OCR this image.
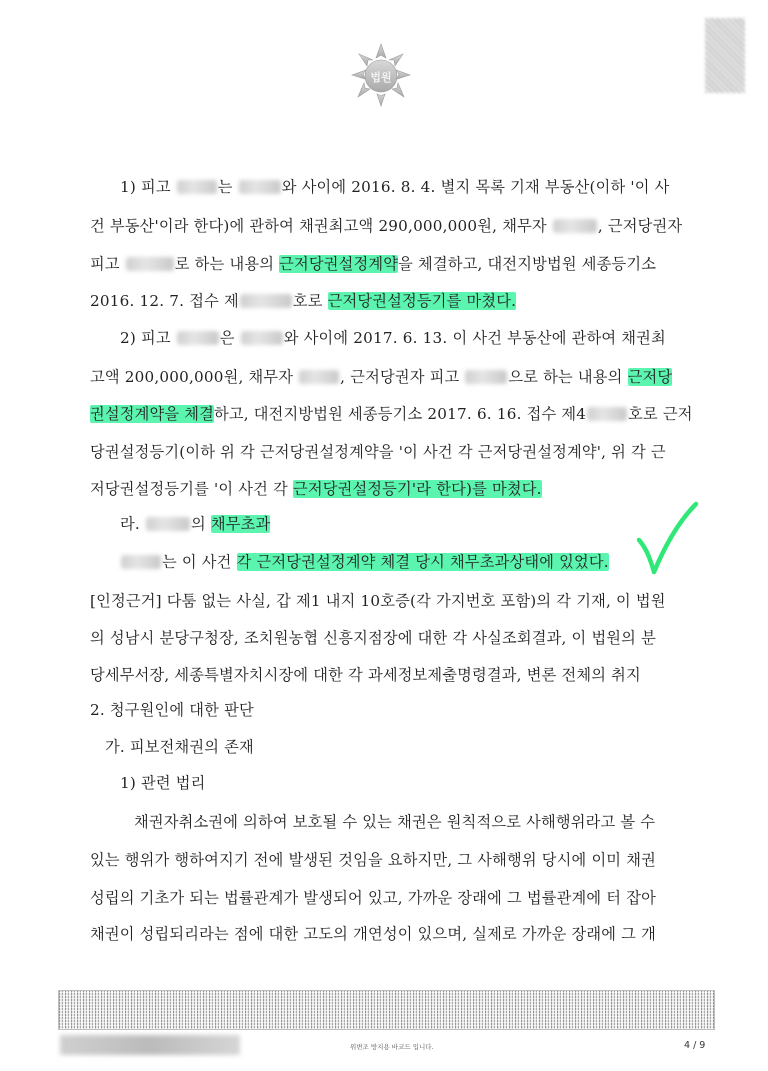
법원
1) 피고	는	와 사이에 2016. 8. 4. 별지 목록 기재 부동산(이하 '이 사
건 부동산'이라 한다)에 관하여 채권최고액 290,000,000원, 채무자	, 근저당권자
피고	로 하는 내용의 근저당권설정계약을 체결하고, 대전지방법원 세종등기소
2016. 12. 7. 접수 제	호로 근저당권설정등기를 마쳤다.
2) 피고	은	와 사이에 2017. 6. 13. 이 사건 부동산에 관하여 채권최
고액 200,000,000원, 채무자	, 근저당권자 피고	으로 하는 내용의 근저당
권설정계약을 체결하고, 대전지방법원 세종등기소 2017. 6. 16. 접수 제4	호로 근저
당권설정등기(이하 위 각 근저당권설정계약을 '이 사건 각 근저당권설정계약', 위 각 근
저당권설정등기를 '이 사건 각 근저당권설정등기'라 한다)를 마쳤다.
라.	의 채무초과
는 이 사건 각 근저당권설정계약 체결 당시 채무초과상태에 있었다.
[인정근거] 다툼 없는 사실, 갑 제1 내지 10호증(각 가지번호 포함)의 각 기재, 이 법원
의 성남시 분당구청장, 조치원농협 신흥지점장에 대한 각 사실조회결과, 이 법원의 분
당세무서장, 세종특별자치시장에 대한 각 과세정보제출명령결과, 변론 전체의 취지
2. 청구원인에 대한 판단
가. 피보전채권의 존재
1) 관련 법리
채권자취소권에 의하여 보호될 수 있는 채권은 원칙적으로 사해행위라고 볼 수
있는 행위가 행하여지기 전에 발생된 것임을 요하지만, 그 사해행위 당시에 이미 채권
성립의 기초가 되는 법률관계가 발생되어 있고, 가까운 장래에 그 법률관계에 터 잡아
채권이 성립되리라는 점에 대한 고도의 개연성이 있으며, 실제로 가까운 장래에 그 개
위변조 방지용 바코드 입니다.	4 / 9
